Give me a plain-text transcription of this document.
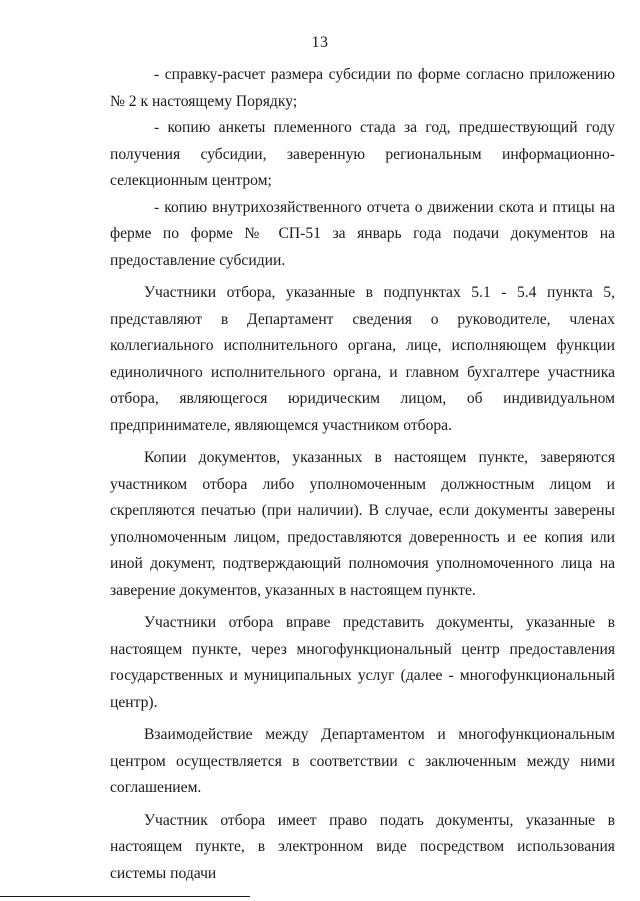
13

- справку-расчет размера субсидии по форме согласно приложению № 2 к настоящему Порядку;

- копию анкеты племенного стада за год, предшествующий году получения субсидии, заверенную региональным информационно-селекционным центром;

- копию внутрихозяйственного отчета о движении скота и птицы на ферме по форме № СП-51 за январь года подачи документов на предоставление субсидии.

Участники отбора, указанные в подпунктах 5.1 - 5.4 пункта 5, представляют в Департамент сведения о руководителе, членах коллегиального исполнительного органа, лице, исполняющем функции единоличного исполнительного органа, и главном бухгалтере участника отбора, являющегося юридическим лицом, об индивидуальном предпринимателе, являющемся участником отбора.

Копии документов, указанных в настоящем пункте, заверяются участником отбора либо уполномоченным должностным лицом и скрепляются печатью (при наличии). В случае, если документы заверены уполномоченным лицом, предоставляются доверенность и ее копия или иной документ, подтверждающий полномочия уполномоченного лица на заверение документов, указанных в настоящем пункте.

Участники отбора вправе представить документы, указанные в настоящем пункте, через многофункциональный центр предоставления государственных и муниципальных услуг (далее - многофункциональный центр).

Взаимодействие между Департаментом и многофункциональным центром осуществляется в соответствии с заключенным между ними соглашением.

Участник отбора имеет право подать документы, указанные в настоящем пункте, в электронном виде посредством использования системы подачи
